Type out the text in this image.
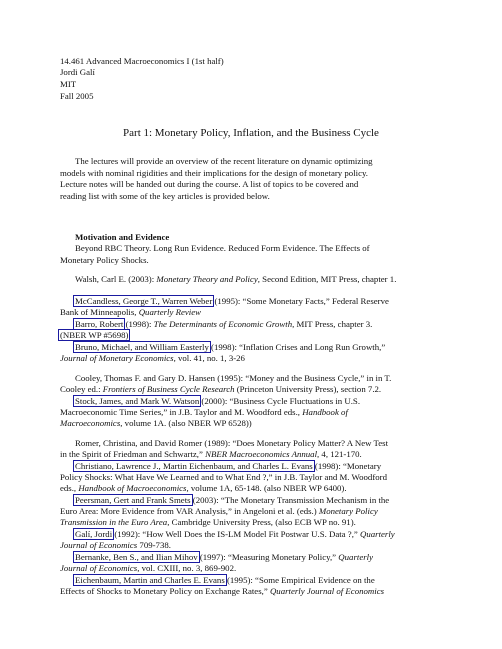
14.461 Advanced Macroeconomics I (1st half)
Jordi Galí
MIT
Fall 2005
Part 1: Monetary Policy, Inflation, and the Business Cycle
The lectures will provide an overview of the recent literature on dynamic optimizing
models with nominal rigidities and their implications for the design of monetary policy.
Lecture notes will be handed out during the course. A list of topics to be covered and
reading list with some of the key articles is provided below.
Motivation and Evidence
Beyond RBC Theory. Long Run Evidence. Reduced Form Evidence. The Effects of
Monetary Policy Shocks.
Walsh, Carl E. (2003): Monetary Theory and Policy, Second Edition, MIT Press, chapter 1.
McCandless, George T., Warren Weber (1995): “Some Monetary Facts,” Federal Reserve
Bank of Minneapolis, Quarterly Review
Barro, Robert (1998): The Determinants of Economic Growth, MIT Press, chapter 3.
(NBER WP #5698)
Bruno, Michael, and William Easterly (1998): “Inflation Crises and Long Run Growth,”
Journal of Monetary Economics, vol. 41, no. 1, 3-26
Cooley, Thomas F. and Gary D. Hansen (1995): “Money and the Business Cycle,” in in T.
Cooley ed.: Frontiers of Business Cycle Research (Princeton University Press), section 7.2.
Stock, James, and Mark W. Watson (2000): “Business Cycle Fluctuations in U.S.
Macroeconomic Time Series,” in J.B. Taylor and M. Woodford eds., Handbook of
Macroeconomics, volume 1A. (also NBER WP 6528))
Romer, Christina, and David Romer (1989): “Does Monetary Policy Matter? A New Test
in the Spirit of Friedman and Schwartz,” NBER Macroeconomics Annual, 4, 121-170.
Christiano, Lawrence J., Martin Eichenbaum, and Charles L. Evans (1998): “Monetary
Policy Shocks: What Have We Learned and to What End ?,” in J.B. Taylor and M. Woodford
eds., Handbook of Macroeconomics, volume 1A, 65-148. (also NBER WP 6400).
Peersman, Gert and Frank Smets (2003): “The Monetary Transmission Mechanism in the
Euro Area: More Evidence from VAR Analysis,” in Angeloni et al. (eds.) Monetary Policy
Transmission in the Euro Area, Cambridge University Press, (also ECB WP no. 91).
Galí, Jordi (1992): “How Well Does the IS-LM Model Fit Postwar U.S. Data ?,” Quarterly
Journal of Economics 709-738.
Bernanke, Ben S., and Ilian Mihov (1997): “Measuring Monetary Policy,” Quarterly
Journal of Economics, vol. CXIII, no. 3, 869-902.
Eichenbaum, Martin and Charles E. Evans (1995): “Some Empirical Evidence on the
Effects of Shocks to Monetary Policy on Exchange Rates,” Quarterly Journal of Economics
